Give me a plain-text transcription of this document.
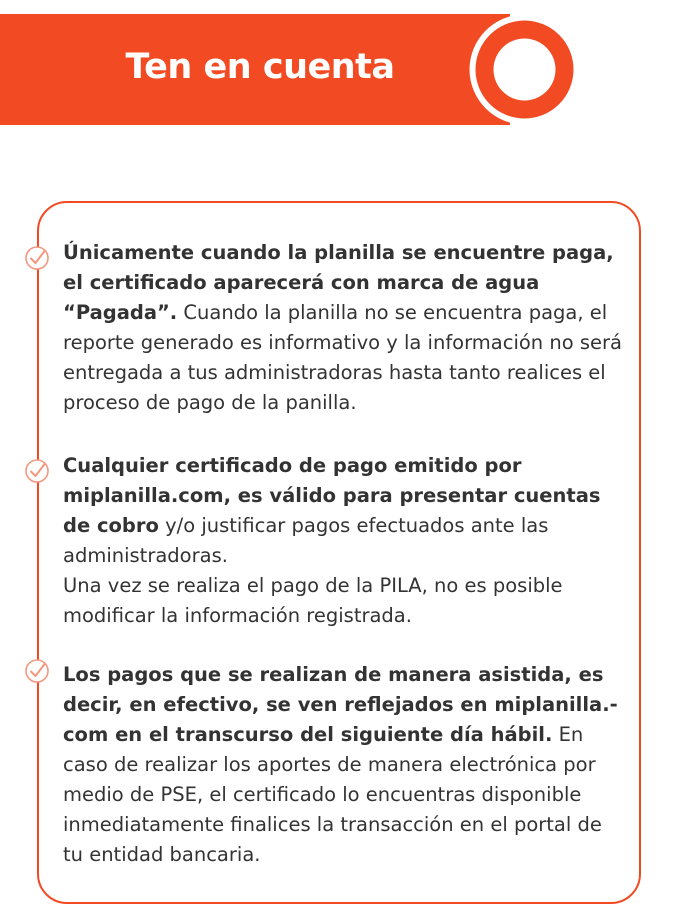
Ten en cuenta
Únicamente cuando la planilla se encuentre paga, el certificado aparecerá con marca de agua “Pagada”. Cuando la planilla no se encuentra paga, el reporte generado es informativo y la información no será entregada a tus administradoras hasta tanto realices el proceso de pago de la panilla.
Cualquier certificado de pago emitido por miplanilla.com, es válido para presentar cuentas de cobro y/o justificar pagos efectuados ante las administradoras.
Una vez se realiza el pago de la PILA, no es posible modificar la información registrada.
Los pagos que se realizan de manera asistida, es decir, en efectivo, se ven reflejados en miplanilla.-com en el transcurso del siguiente día hábil. En caso de realizar los aportes de manera electrónica por medio de PSE, el certificado lo encuentras disponible inmediatamente finalices la transacción en el portal de tu entidad bancaria.
